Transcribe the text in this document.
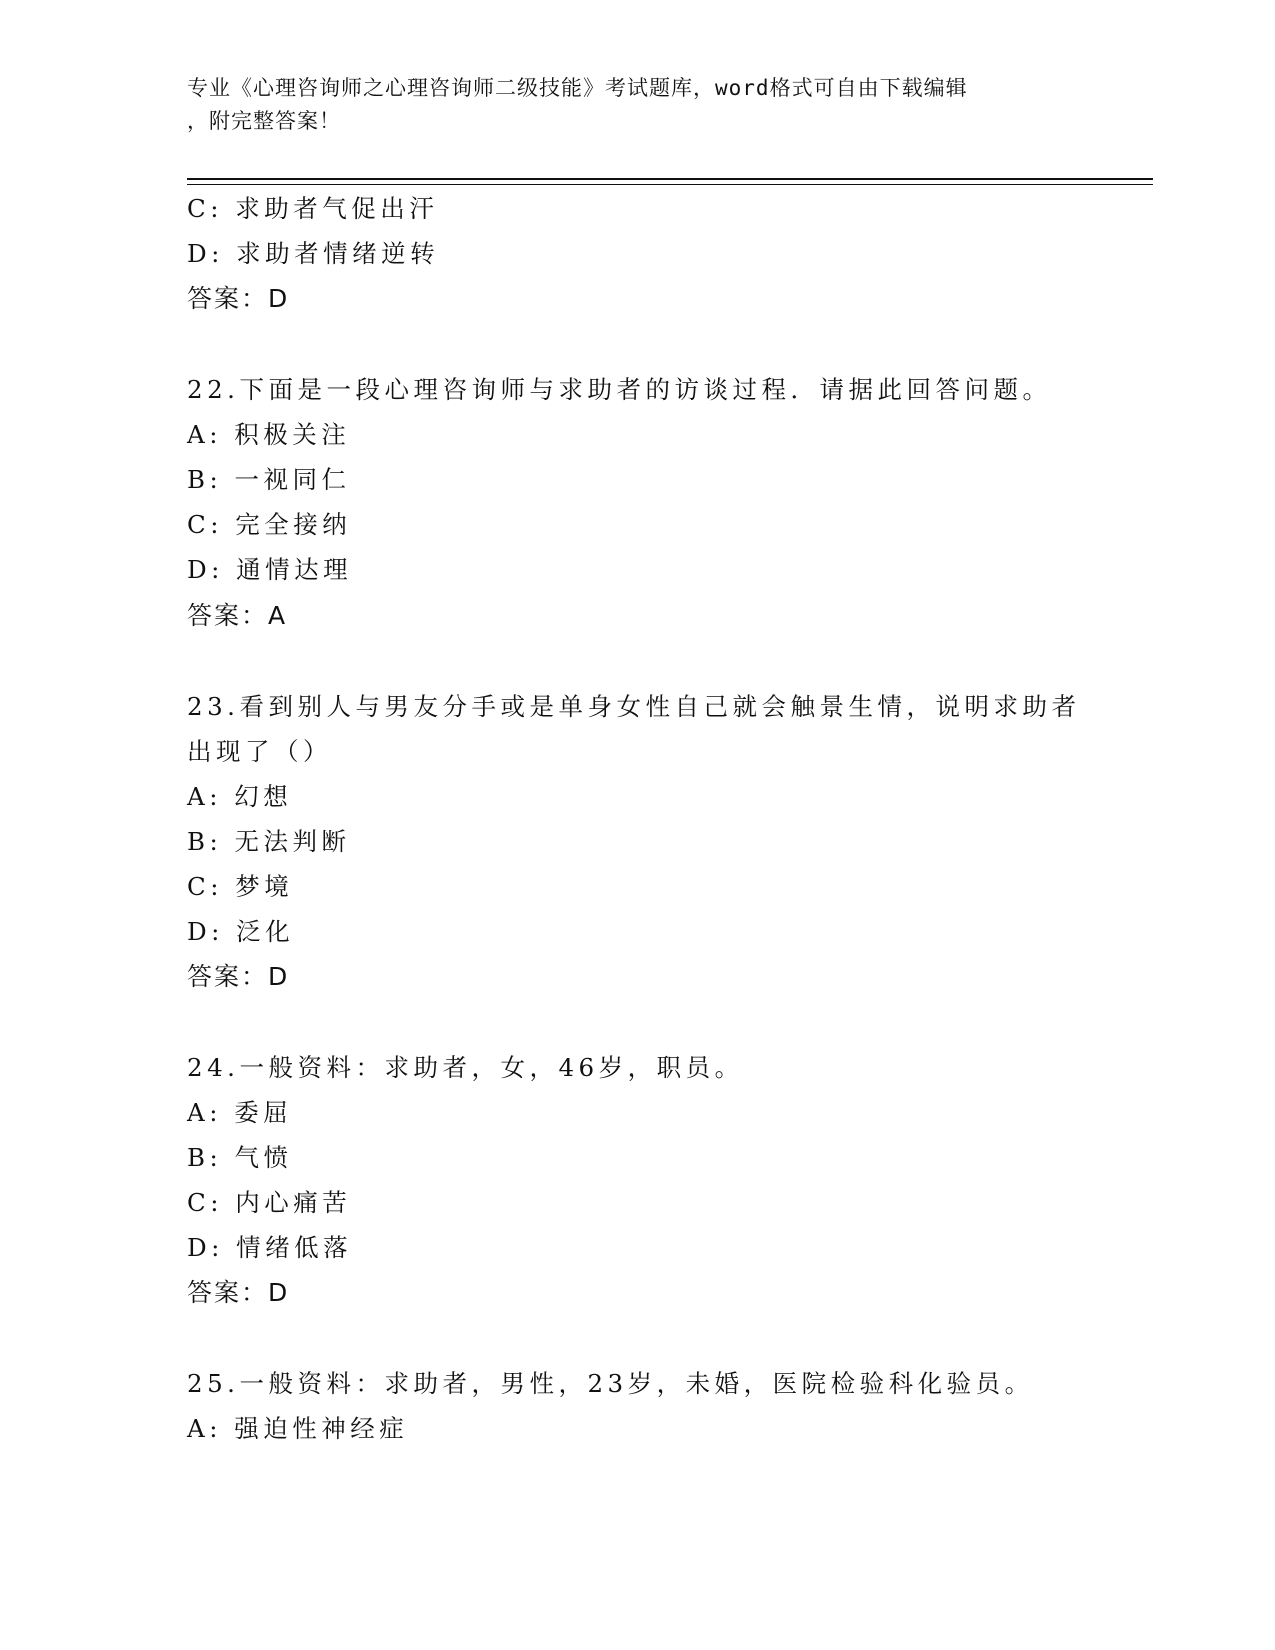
专业《心理咨询师之心理咨询师二级技能》考试题库，word格式可自由下载编辑
，附完整答案！
C: 求助者气促出汗
D: 求助者情绪逆转
答案：D
22.下面是一段心理咨询师与求助者的访谈过程．请据此回答问题。
A: 积极关注
B: 一视同仁
C: 完全接纳
D: 通情达理
答案：A
23.看到别人与男友分手或是单身女性自己就会触景生情，说明求助者
出现了（）
A: 幻想
B: 无法判断
C: 梦境
D: 泛化
答案：D
24.一般资料：求助者，女，46岁，职员。
A: 委屈
B: 气愤
C: 内心痛苦
D: 情绪低落
答案：D
25.一般资料：求助者，男性，23岁，未婚，医院检验科化验员。
A: 强迫性神经症
